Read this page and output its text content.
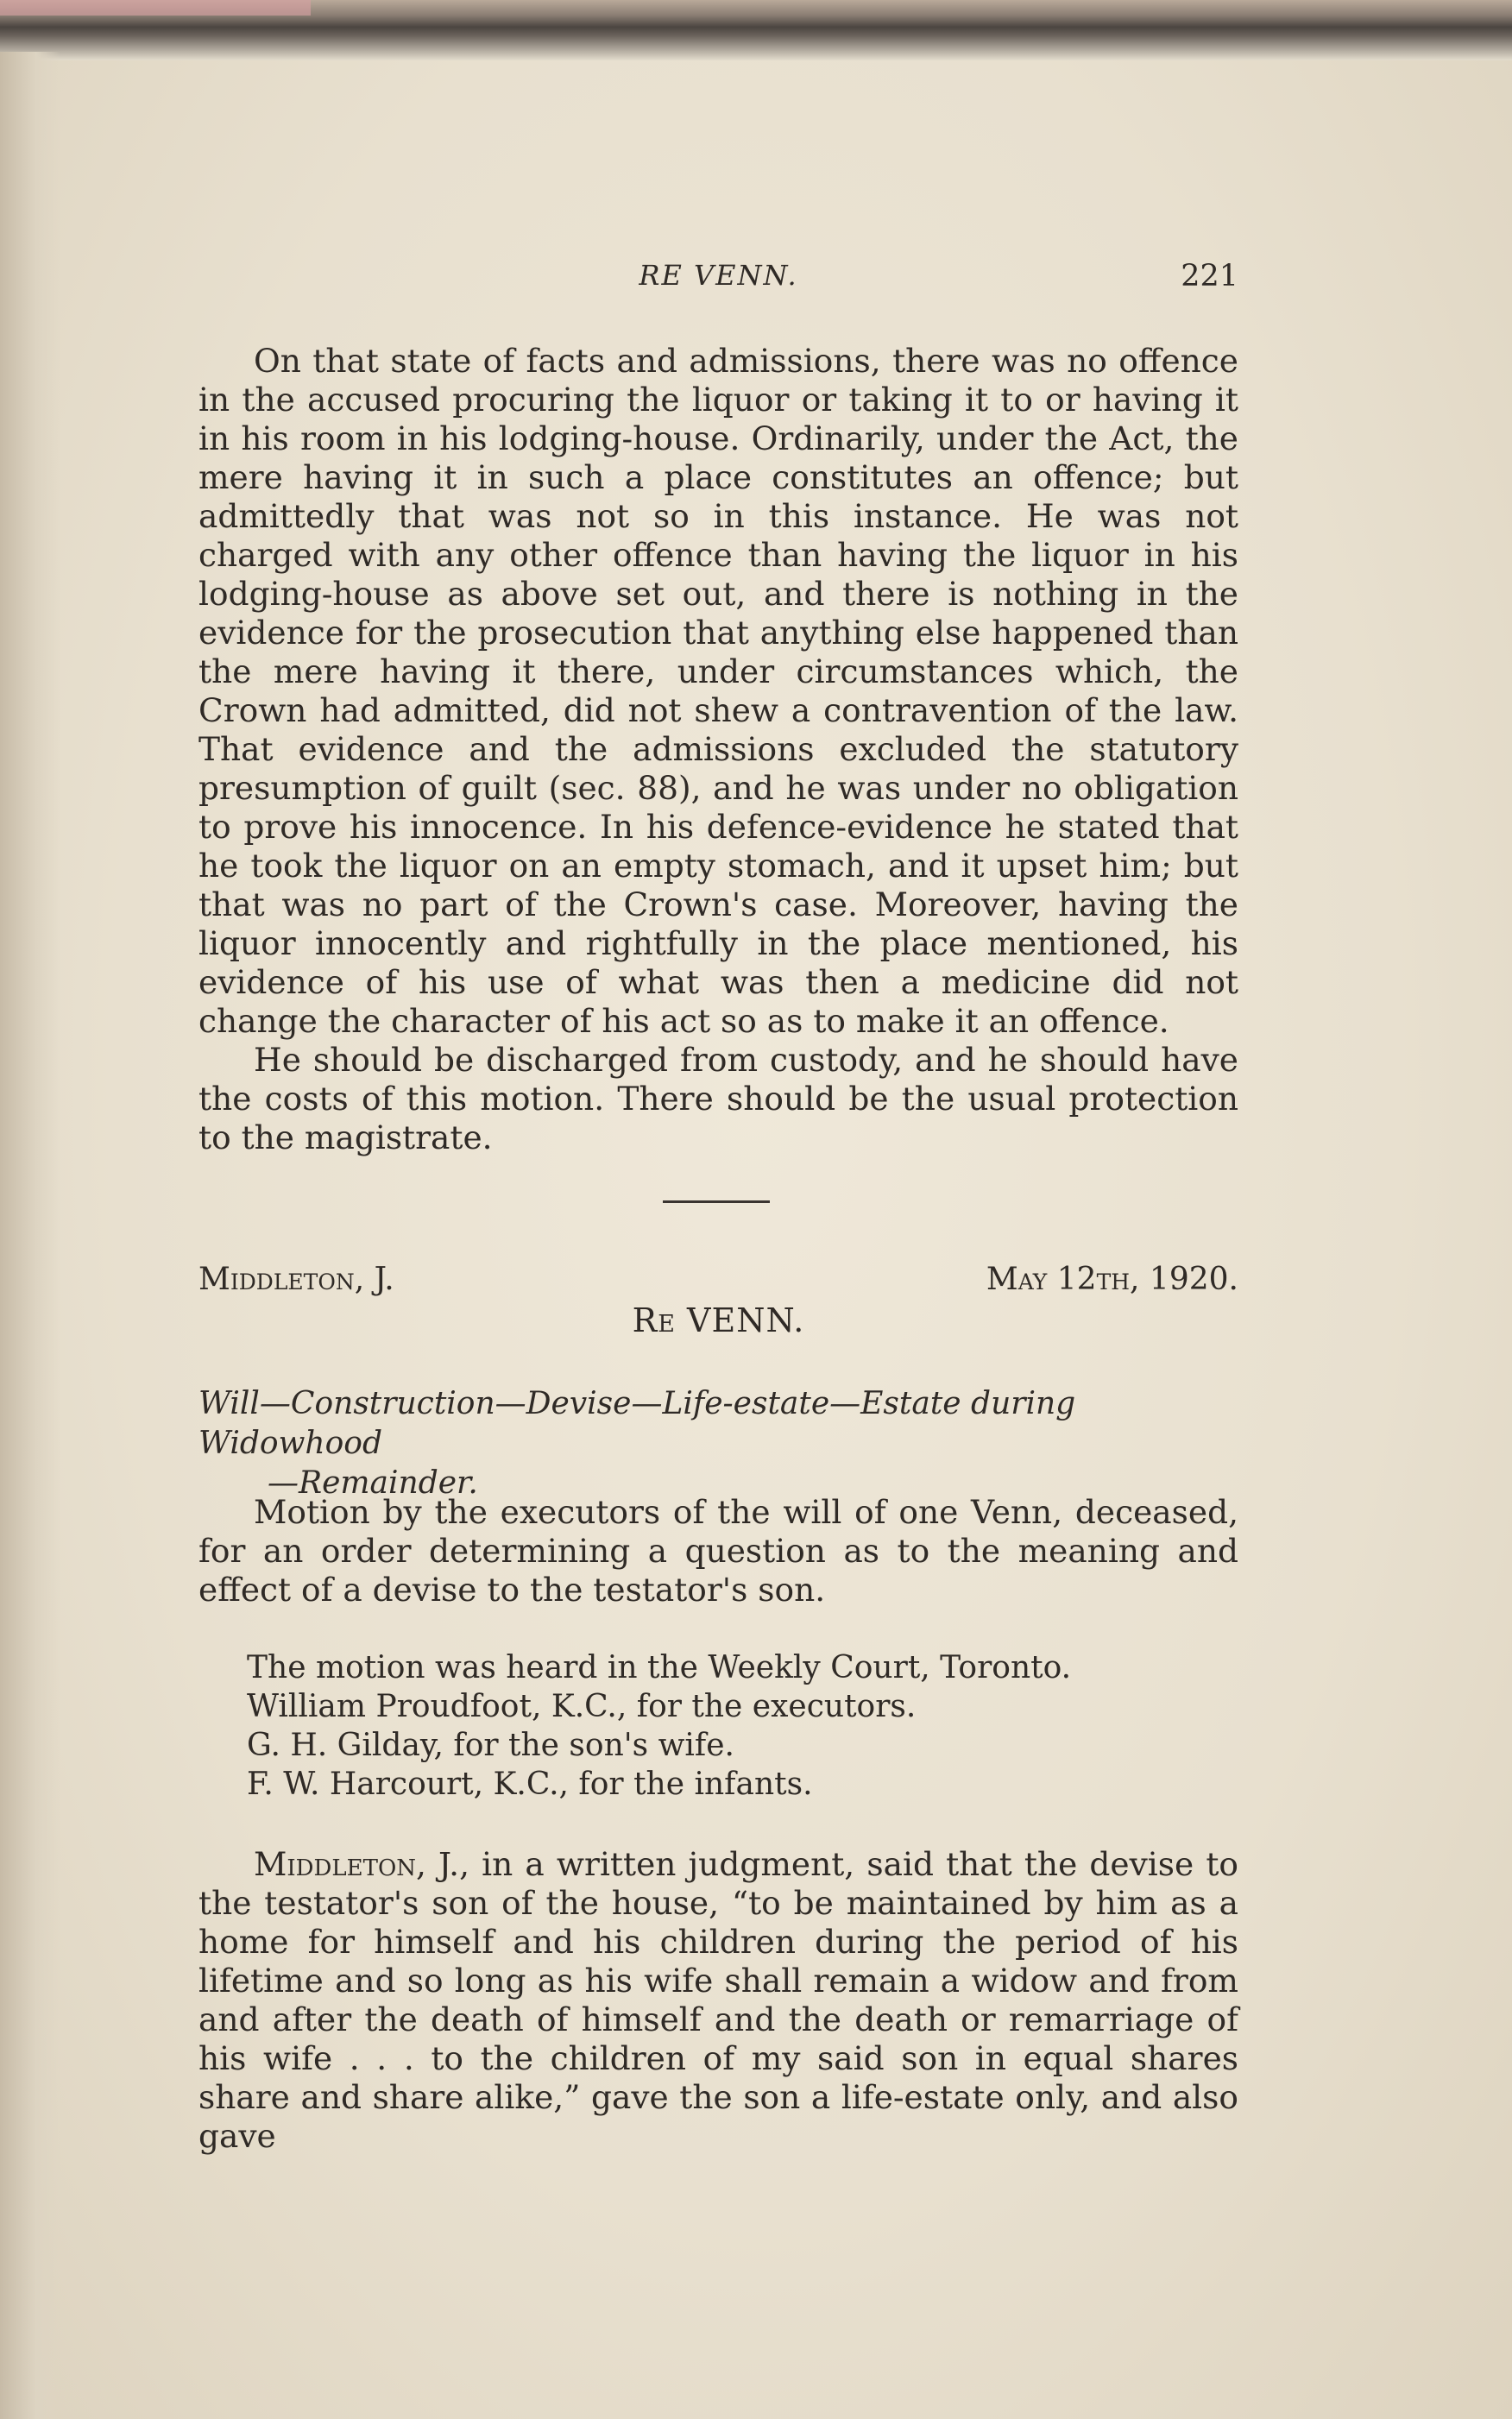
RE VENN.	221

On that state of facts and admissions, there was no offence in the accused procuring the liquor or taking it to or having it in his room in his lodging-house. Ordinarily, under the Act, the mere having it in such a place constitutes an offence; but admittedly that was not so in this instance. He was not charged with any other offence than having the liquor in his lodging-house as above set out, and there is nothing in the evidence for the prosecution that anything else happened than the mere having it there, under circumstances which, the Crown had admitted, did not shew a contravention of the law. That evidence and the admissions excluded the statutory presumption of guilt (sec. 88), and he was under no obligation to prove his innocence. In his defence-evidence he stated that he took the liquor on an empty stomach, and it upset him; but that was no part of the Crown's case. Moreover, having the liquor innocently and rightfully in the place mentioned, his evidence of his use of what was then a medicine did not change the character of his act so as to make it an offence.

He should be discharged from custody, and he should have the costs of this motion. There should be the usual protection to the magistrate.

Middleton, J.	May 12th, 1920.
Re VENN.
Will—Construction—Devise—Life-estate—Estate during Widowhood
—Remainder.

Motion by the executors of the will of one Venn, deceased, for an order determining a question as to the meaning and effect of a devise to the testator's son.

The motion was heard in the Weekly Court, Toronto.
William Proudfoot, K.C., for the executors.
G. H. Gilday, for the son's wife.
F. W. Harcourt, K.C., for the infants.

Middleton, J., in a written judgment, said that the devise to the testator's son of the house, “to be maintained by him as a home for himself and his children during the period of his lifetime and so long as his wife shall remain a widow and from and after the death of himself and the death or remarriage of his wife . . . to the children of my said son in equal shares share and share alike,” gave the son a life-estate only, and also gave
